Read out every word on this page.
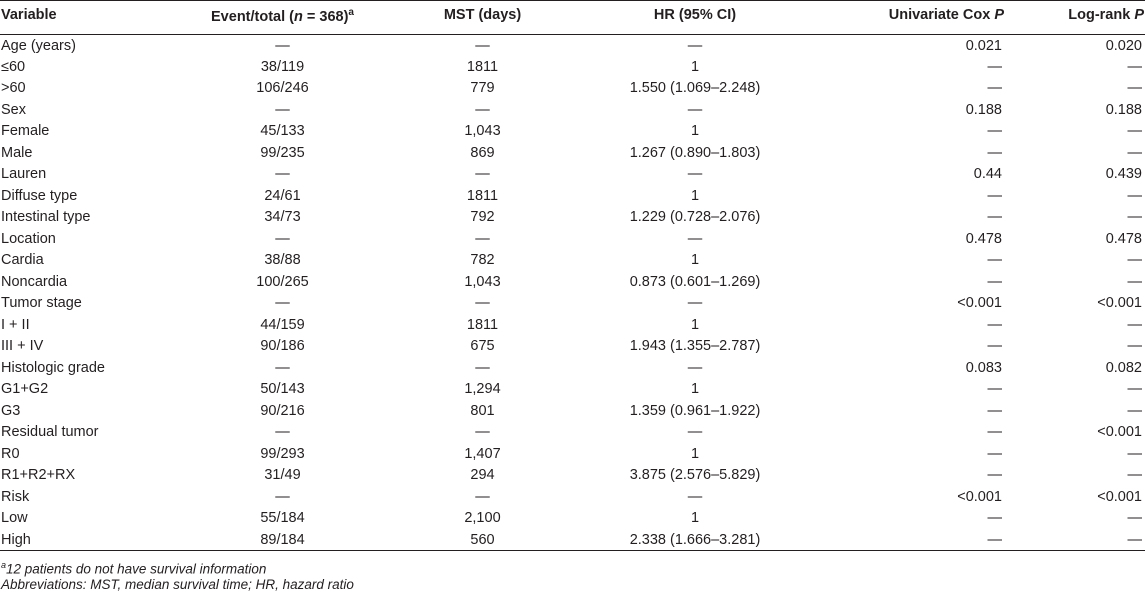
Variable	Event/total (n = 368)$^a$	MST (days)	HR (95% CI)	Univariate Cox P	Log-rank P
Age (years)	—	—	—	0.021	0.020
≤60	38/119	1811	1	—	—
>60	106/246	779	1.550 (1.069–2.248)	—	—
Sex	—	—	—	0.188	0.188
Female	45/133	1,043	1	—	—
Male	99/235	869	1.267 (0.890–1.803)	—	—
Lauren	—	—	—	0.44	0.439
Diffuse type	24/61	1811	1	—	—
Intestinal type	34/73	792	1.229 (0.728–2.076)	—	—
Location	—	—	—	0.478	0.478
Cardia	38/88	782	1	—	—
Noncardia	100/265	1,043	0.873 (0.601–1.269)	—	—
Tumor stage	—	—	—	<0.001	<0.001
I + II	44/159	1811	1	—	—
III + IV	90/186	675	1.943 (1.355–2.787)	—	—
Histologic grade	—	—	—	0.083	0.082
G1+G2	50/143	1,294	1	—	—
G3	90/216	801	1.359 (0.961–1.922)	—	—
Residual tumor	—	—	—	—	<0.001
R0	99/293	1,407	1	—	—
R1+R2+RX	31/49	294	3.875 (2.576–5.829)	—	—
Risk	—	—	—	<0.001	<0.001
Low	55/184	2,100	1	—	—
High	89/184	560	2.338 (1.666–3.281)	—	—
$^a$12 patients do not have survival information
Abbreviations: MST, median survival time; HR, hazard ratio
